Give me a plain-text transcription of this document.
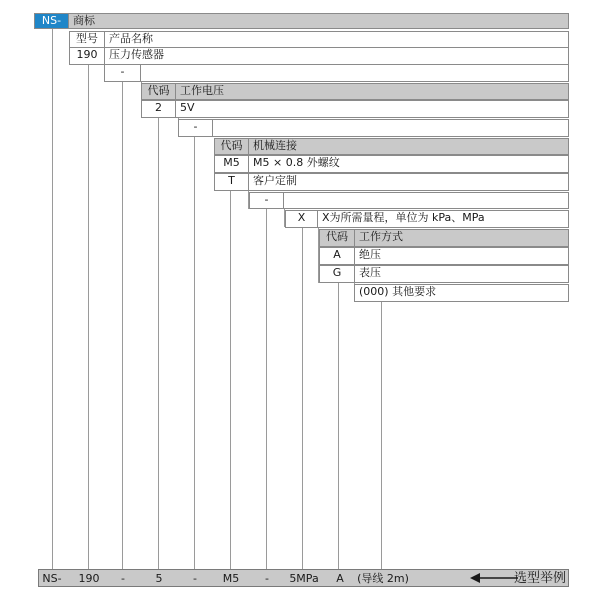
NS-	商标
型号	产品名称
190	压力传感器
-
代码 工作电压
2	5V
-
代码 机械连接
M5	M5 × 0.8 外螺纹
T	客户定制
-
X	X为所需量程，单位为 kPa、MPa
代码	工作方式
A	绝压
G	表压
(000) 其他要求
NS- 190 -	5	- M5 - 5MPa A (导线 2m)	选型举例
